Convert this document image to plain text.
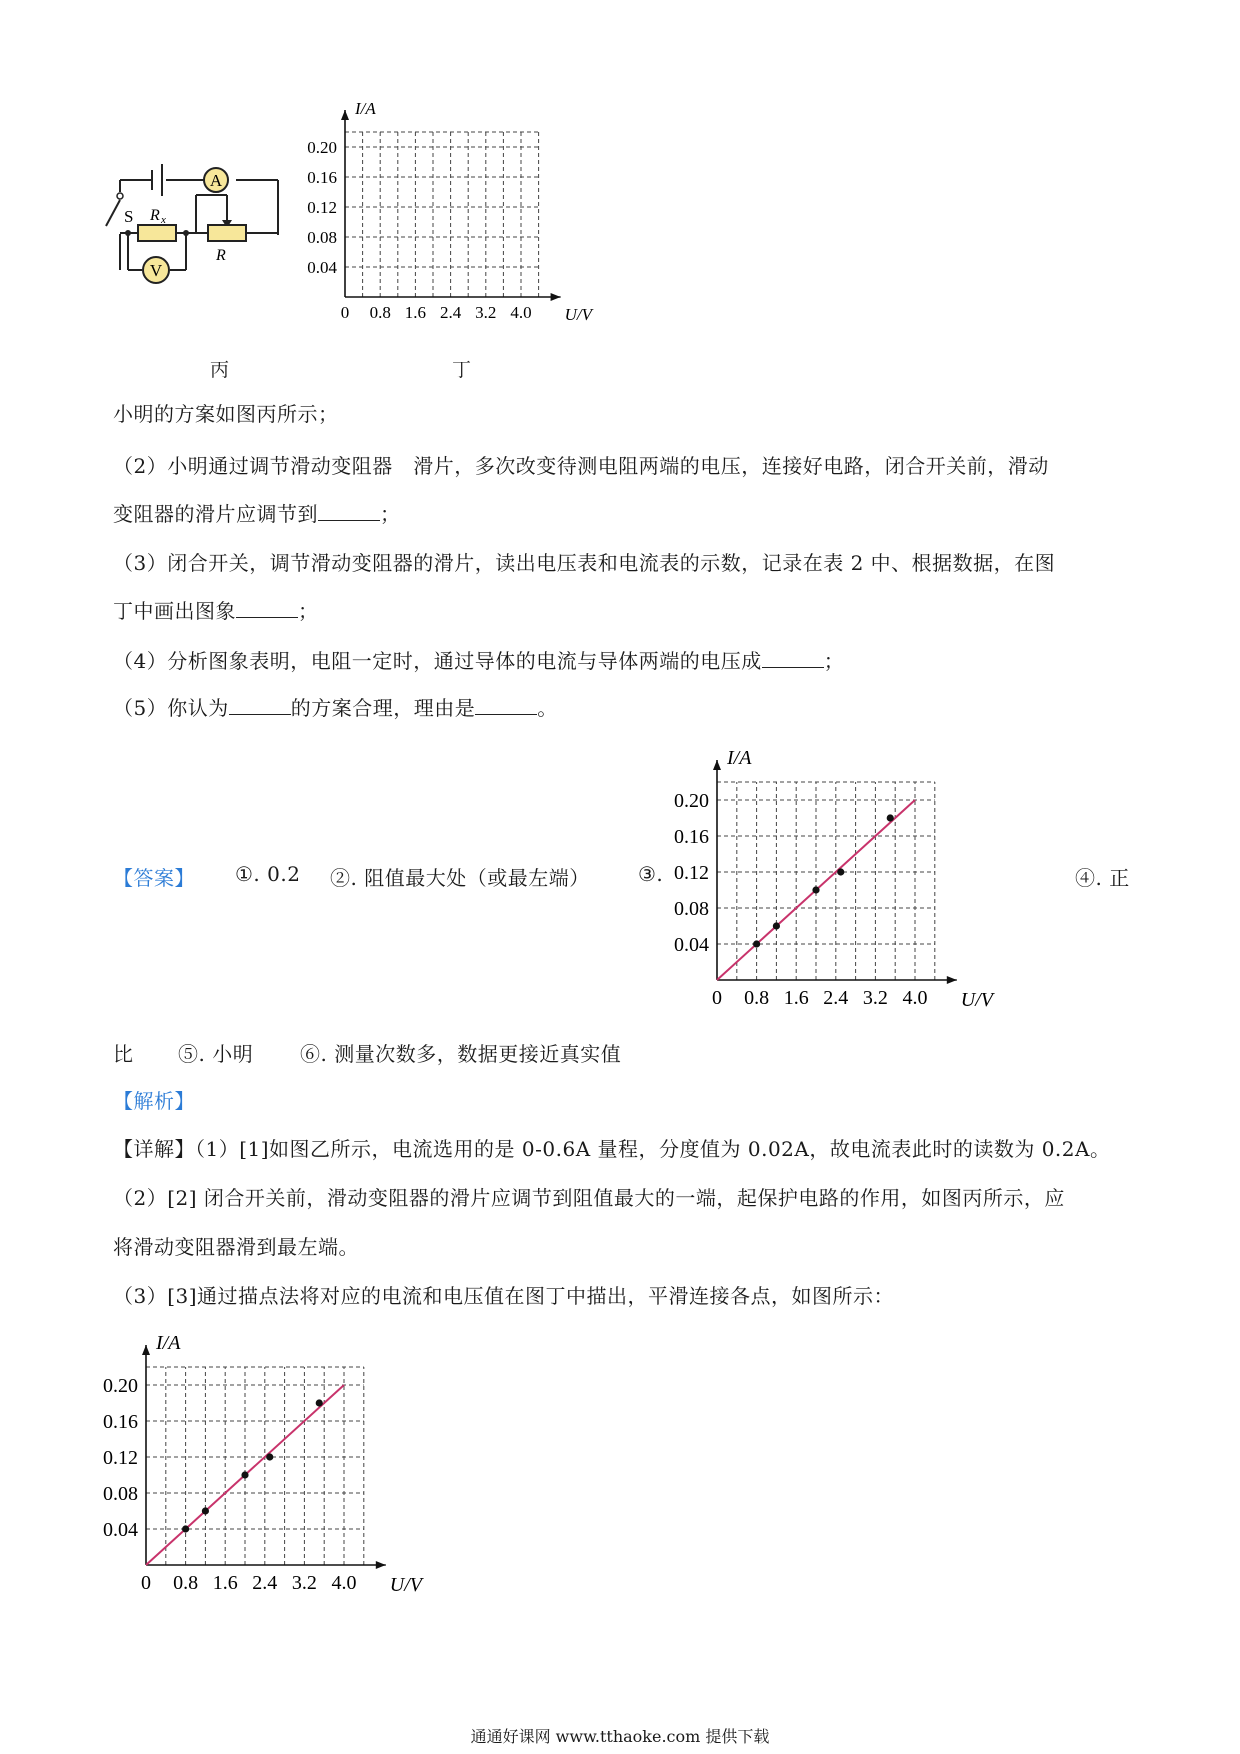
A
V
S R x
R
0 0.8 1.6 2.4 3.2 4.0
0.04
0.08
0.12
0.16
0.20
U/V
I/A
丙	丁
小明的方案如图丙所示；
（2）小明通过调节滑动变阻器　滑片，多次改变待测电阻两端的电压，连接好电路，闭合开关前，滑动
变阻器的滑片应调节到	；
（3）闭合开关，调节滑动变阻器的滑片，读出电压表和电流表的示数，记录在表 2 中、根据数据，在图
丁中画出图象	；
（4）分析图象表明，电阻一定时，通过导体的电流与导体两端的电压成	；
（5）你认为	的方案合理，理由是	。
【答案】 ①. 0.2 ②. 阻值最大处（或最左端） ③.	④. 正
0 0.8 1.6 2.4 3.2 4.0
0.04
0.08
0.12
0.16
0.20
U/V
I/A
比 ⑤. 小明 ⑥. 测量次数多，数据更接近真实值
【解析】
【详解】（1）[1]如图乙所示，电流选用的是 0-0.6A 量程，分度值为 0.02A，故电流表此时的读数为 0.2A。
（2）[2] 闭合开关前，滑动变阻器的滑片应调节到阻值最大的一端，起保护电路的作用，如图丙所示，应
将滑动变阻器滑到最左端。
（3）[3]通过描点法将对应的电流和电压值在图丁中描出，平滑连接各点，如图所示：
0 0.8 1.6 2.4 3.2 4.0
0.04
0.08
0.12
0.16
0.20
U/V
I/A
通通好课网 www.tthaoke.com 提供下载
